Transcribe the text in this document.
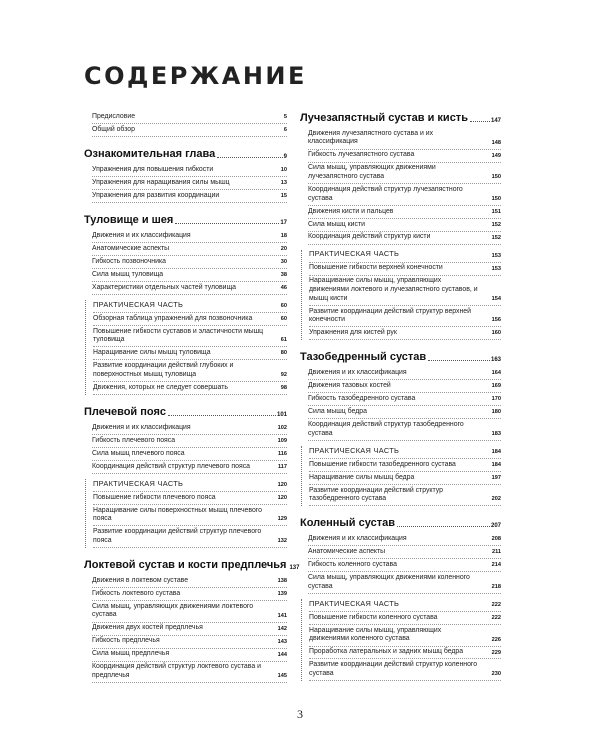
СОДЕРЖАНИЕ
Предисловие	5
Общий обзор	6
Ознакомительная глава	9
Упражнения для повышения гибкости	10
Упражнения для наращивания силы мышц	13
Упражнения для развития координации	15
Туловище и шея	17
Движения и их классификация	18
Анатомические аспекты	20
Гибкость позвоночника	30
Сила мышц туловища	38
Характеристики отдельных частей туловища	46
ПРАКТИЧЕСКАЯ ЧАСТЬ	60
Обзорная таблица упражнений для позвоночника	60
Повышение гибкости суставов и эластичности мышц туловища	61
Наращивание силы мышц туловища	80
Развитие координации действий глубоких и поверхностных мышц туловища	92
Движения, которых не следует совершать	98
Плечевой пояс	101
Движения и их классификация	102
Гибкость плечевого пояса	109
Сила мышц плечевого пояса	116
Координация действий структур плечевого пояса	117
ПРАКТИЧЕСКАЯ ЧАСТЬ	120
Повышение гибкости плечевого пояса	120
Наращивание силы поверхностных мышц плечевого пояса	129
Развитие координации действий структур плечевого пояса	132
Локтевой сустав и кости предплечья 137
Движения в локтевом суставе	138
Гибкость локтевого сустава	139
Сила мышц, управляющих движениями локтевого сустава	141
Движения двух костей предплечья	142
Гибкость предплечья	143
Сила мышц предплечья	144
Координация действий структур локтевого сустава и предплечья	145
Лучезапястный сустав и кисть	147
Движения лучезапястного сустава и их классификация	148
Гибкость лучезапястного сустава	149
Сила мышц, управляющих движениями лучезапястного сустава	150
Координация действий структур лучезапястного сустава	150
Движения кисти и пальцев	151
Сила мышц кисти	152
Координация действий структур кисти	152
ПРАКТИЧЕСКАЯ ЧАСТЬ	153
Повышение гибкости верхней конечности	153
Наращивание силы мышц, управляющих движениями локтевого и лучезапястного суставов, и мышц кисти	154
Развитие координации действий структур верхней конечности	156
Упражнения для кистей рук	160
Тазобедренный сустав	163
Движения и их классификация	164
Движения тазовых костей	169
Гибкость тазобедренного сустава	170
Сила мышц бедра	180
Координация действий структур тазобедренного сустава	183
ПРАКТИЧЕСКАЯ ЧАСТЬ	184
Повышение гибкости тазобедренного сустава	184
Наращивание силы мышц бедра	197
Развитие координации действий структур тазобедренного сустава	202
Коленный сустав	207
Движения и их классификация	208
Анатомические аспекты	211
Гибкость коленного сустава	214
Сила мышц, управляющих движениями коленного сустава	218
ПРАКТИЧЕСКАЯ ЧАСТЬ	222
Повышение гибкости коленного сустава	222
Наращивание силы мышц, управляющих движениями коленного сустава	226
Проработка латеральных и задних мышц бедра	229
Развитие координации действий структур коленного сустава	230
3
